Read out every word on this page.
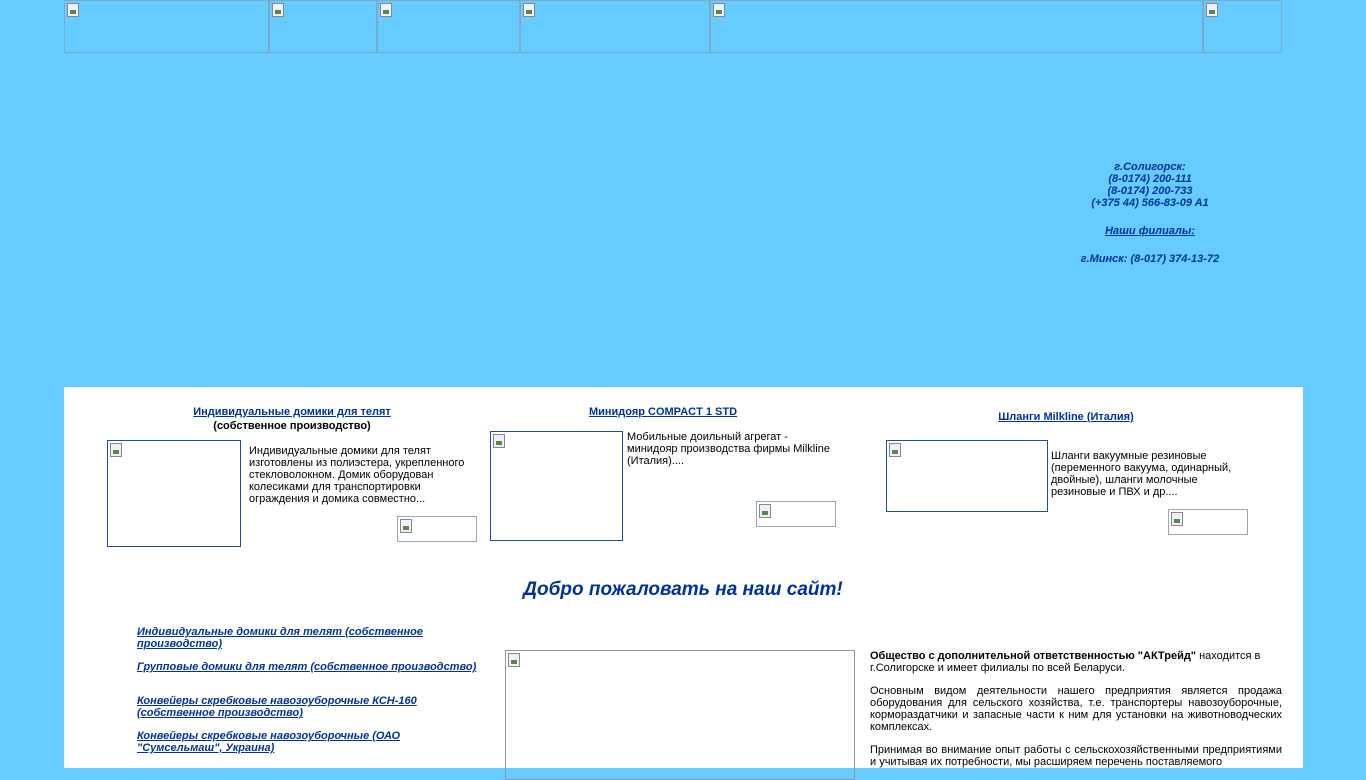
г.Солигорск:
(8-0174) 200-111
(8-0174) 200-733
(+375 44) 566-83-09 A1
Наши филиалы:
г.Минск: (8-017) 374-13-72
Индивидуальные домики для телят
(собственное производство)
Индивидуальные домики для телят изготовлены из полиэстера, укрепленного стекловолокном. Домик оборудован колесиками для транспортировки ограждения и домика совместно...
Минидояр COMPACT 1 STD
Мобильные доильный агрегат - минидояр производства фирмы Milkline (Италия)....
Шланги Milkline (Италия)
Шланги вакуумные резиновые (переменного вакуума, одинарный, двойные), шланги молочные резиновые и ПВХ и др....
Добро пожаловать на наш сайт!
Индивидуальные домики для телят (собственное производство)
Групповые домики для телят (собственное производство)
Конвейеры скребковые навозоуборочные КСН-160 (собственное производство)
Конвейеры скребковые навозоуборочные (ОАО "Сумсельмаш", Украина)
Общество с дополнительной ответственностью "АКТрейд" находится в г.Солигорске и имеет филиалы по всей Беларуси.
Основным видом деятельности нашего предприятия является продажа оборудования для сельского хозяйства, т.е. транспортеры навозоуборочные, кормораздатчики и запасные части к ним для установки на животноводческих комплексах.
Принимая во внимание опыт работы с сельскохозяйственными предприятиями и учитывая их потребности, мы расширяем перечень поставляемого
